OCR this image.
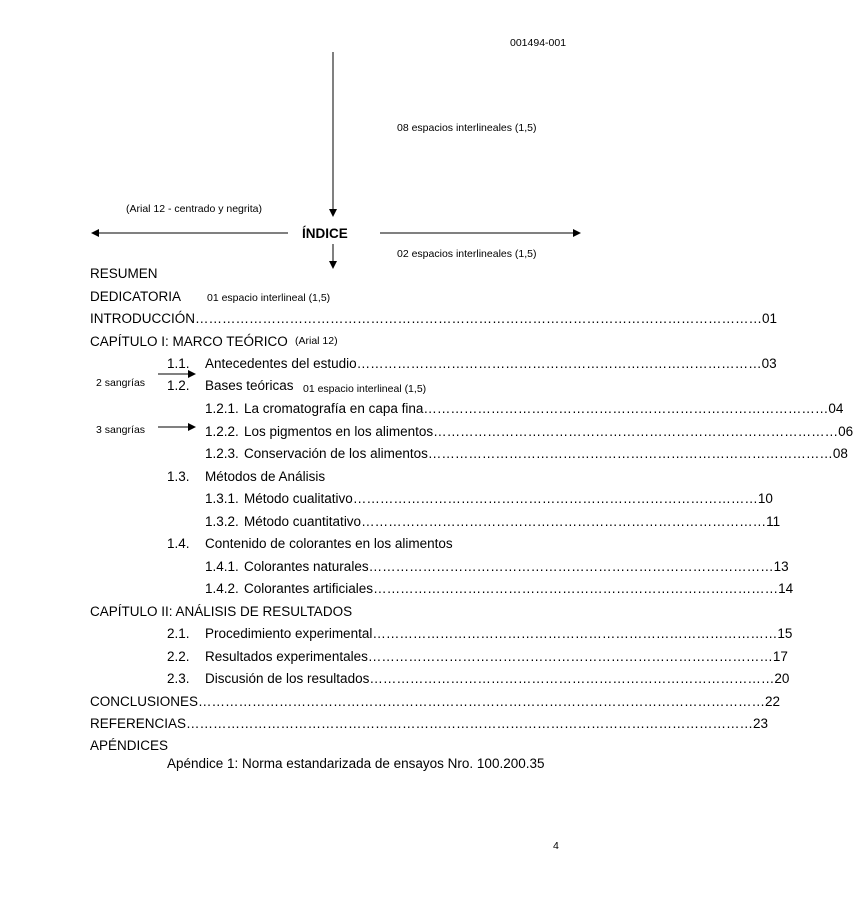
001494-001
08 espacios interlineales (1,5)
(Arial 12 - centrado y negrita)
02 espacios interlineales (1,5)
01 espacio interlineal (1,5)
(Arial 12)
2 sangrías	01 espacio interlineal (1,5)
3 sangrías
ÍNDICE
RESUMEN
DEDICATORIA
INTRODUCCIÓN ……………………………………………………………………………………………………………… 01
CAPÍTULO I: MARCO TEÓRICO
1.1. Antecedentes del estudio ……………………………………………………………………………… 03
1.2. Bases teóricas
1.2.1. La cromatografía en capa fina ……………………………………………………………………………… 04
1.2.2. Los pigmentos en los alimentos ……………………………………………………………………………… 06
1.2.3. Conservación de los alimentos ……………………………………………………………………………… 08
1.3. Métodos de Análisis
1.3.1. Método cualitativo ……………………………………………………………………………… 10
1.3.2. Método cuantitativo ……………………………………………………………………………… 11
1.4. Contenido de colorantes en los alimentos
1.4.1. Colorantes naturales ……………………………………………………………………………… 13
1.4.2. Colorantes artificiales ……………………………………………………………………………… 14
CAPÍTULO II: ANÁLISIS DE RESULTADOS
2.1. Procedimiento experimental ……………………………………………………………………………… 15
2.2. Resultados experimentales ……………………………………………………………………………… 17
2.3. Discusión de los resultados ……………………………………………………………………………… 20
CONCLUSIONES ……………………………………………………………………………………………………………… 22
REFERENCIAS ……………………………………………………………………………………………………………… 23
APÉNDICES
Apéndice 1: Norma estandarizada de ensayos Nro. 100.200.35
4
